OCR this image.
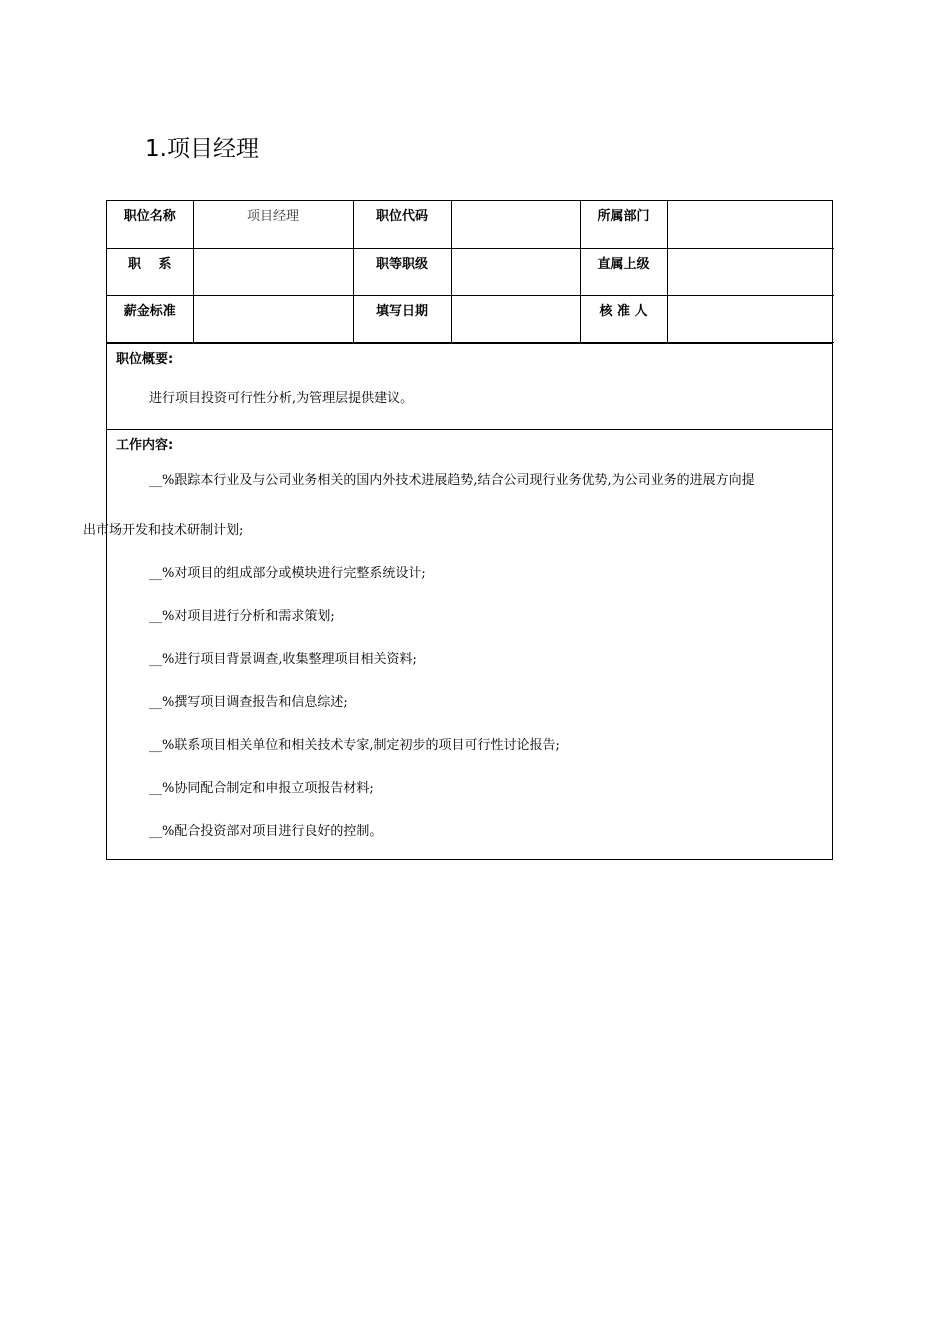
1.项目经理
职位名称	项目经理	职位代码		所属部门	
职　 系		职等职级		直属上级	
薪金标准		填写日期		核 准 人	
职位概要:
进行项目投资可行性分析,为管理层提供建议。
工作内容:
__%跟踪本行业及与公司业务相关的国内外技术进展趋势,结合公司现行业务优势,为公司业务的进展方向提
出市场开发和技术研制计划;
__%对项目的组成部分或模块进行完整系统设计;
__%对项目进行分析和需求策划;
__%进行项目背景调查,收集整理项目相关资料;
__%撰写项目调查报告和信息综述;
__%联系项目相关单位和相关技术专家,制定初步的项目可行性讨论报告;
__%协同配合制定和申报立项报告材料;
__%配合投资部对项目进行良好的控制。
